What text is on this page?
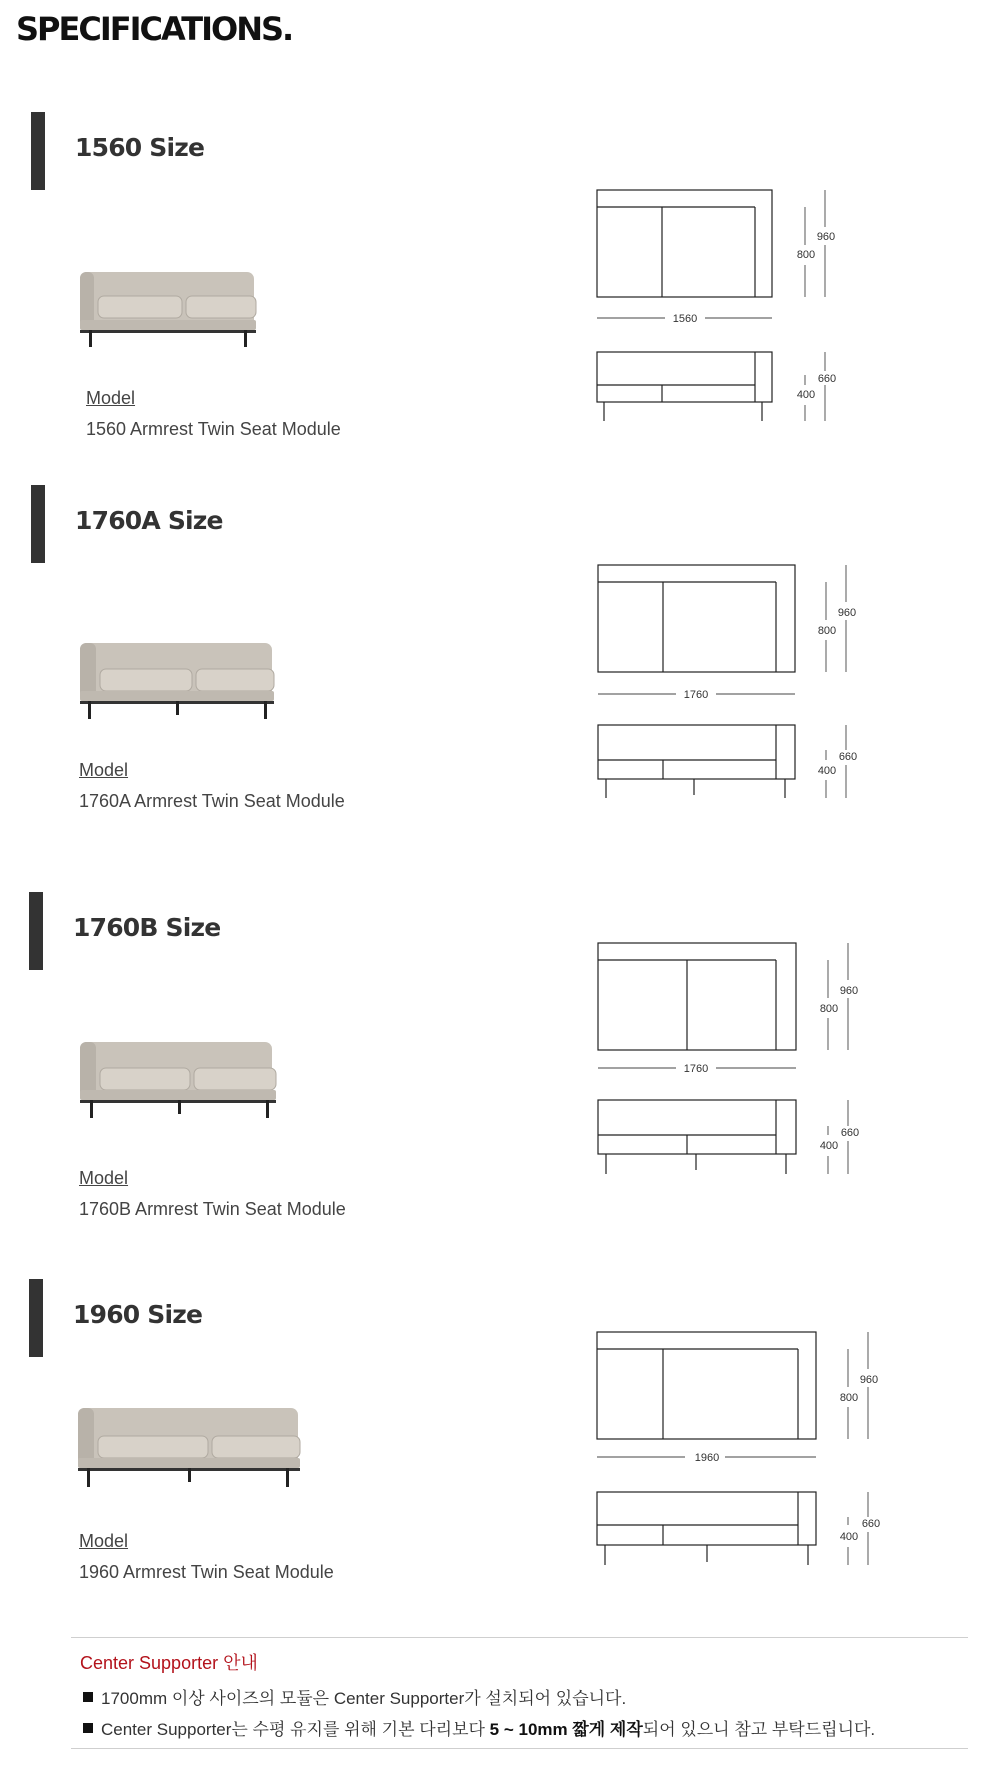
SPECIFICATIONS.
1560 Size
Model
1560 Armrest Twin Seat Module
1560
800
960
400
660
1760A Size
Model
1760A Armrest Twin Seat Module
1760
800
960
400
660
1760B Size
Model
1760B Armrest Twin Seat Module
1760
800
960
400
660
1960 Size
Model
1960 Armrest Twin Seat Module
1960
800
960
400
660
Center Supporter 안내
1700mm 이상 사이즈의 모듈은 Center Supporter가 설치되어 있습니다.
Center Supporter는 수평 유지를 위해 기본 다리보다 5 ~ 10mm 짧게 제작되어 있으니 참고 부탁드립니다.
